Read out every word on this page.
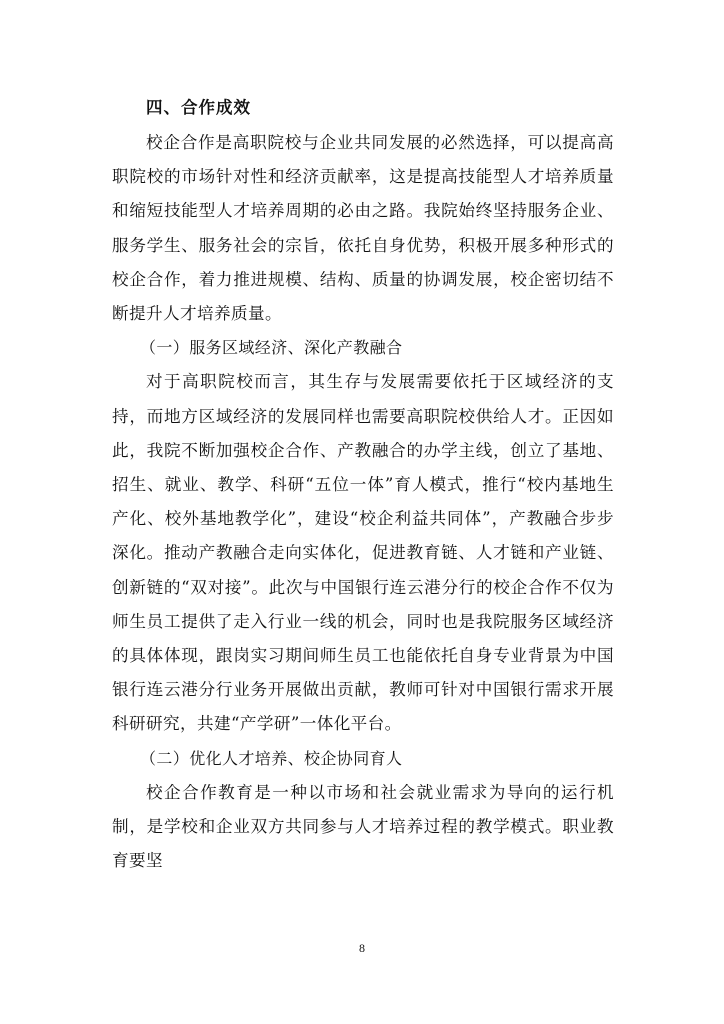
四、合作成效

校企合作是高职院校与企业共同发展的必然选择，可以提高高职院校的市场针对性和经济贡献率，这是提高技能型人才培养质量和缩短技能型人才培养周期的必由之路。我院始终坚持服务企业、服务学生、服务社会的宗旨，依托自身优势，积极开展多种形式的校企合作，着力推进规模、结构、质量的协调发展，校企密切结不断提升人才培养质量。

（一）服务区域经济、深化产教融合

对于高职院校而言，其生存与发展需要依托于区域经济的支持，而地方区域经济的发展同样也需要高职院校供给人才。正因如此，我院不断加强校企合作、产教融合的办学主线，创立了基地、招生、就业、教学、科研“五位一体”育人模式，推行“校内基地生产化、校外基地教学化”，建设“校企利益共同体”，产教融合步步深化。推动产教融合走向实体化，促进教育链、人才链和产业链、创新链的“双对接”。此次与中国银行连云港分行的校企合作不仅为师生员工提供了走入行业一线的机会，同时也是我院服务区域经济的具体体现，跟岗实习期间师生员工也能依托自身专业背景为中国银行连云港分行业务开展做出贡献，教师可针对中国银行需求开展科研研究，共建“产学研”一体化平台。

（二）优化人才培养、校企协同育人

校企合作教育是一种以市场和社会就业需求为导向的运行机制，是学校和企业双方共同参与人才培养过程的教学模式。职业教育要坚

8
